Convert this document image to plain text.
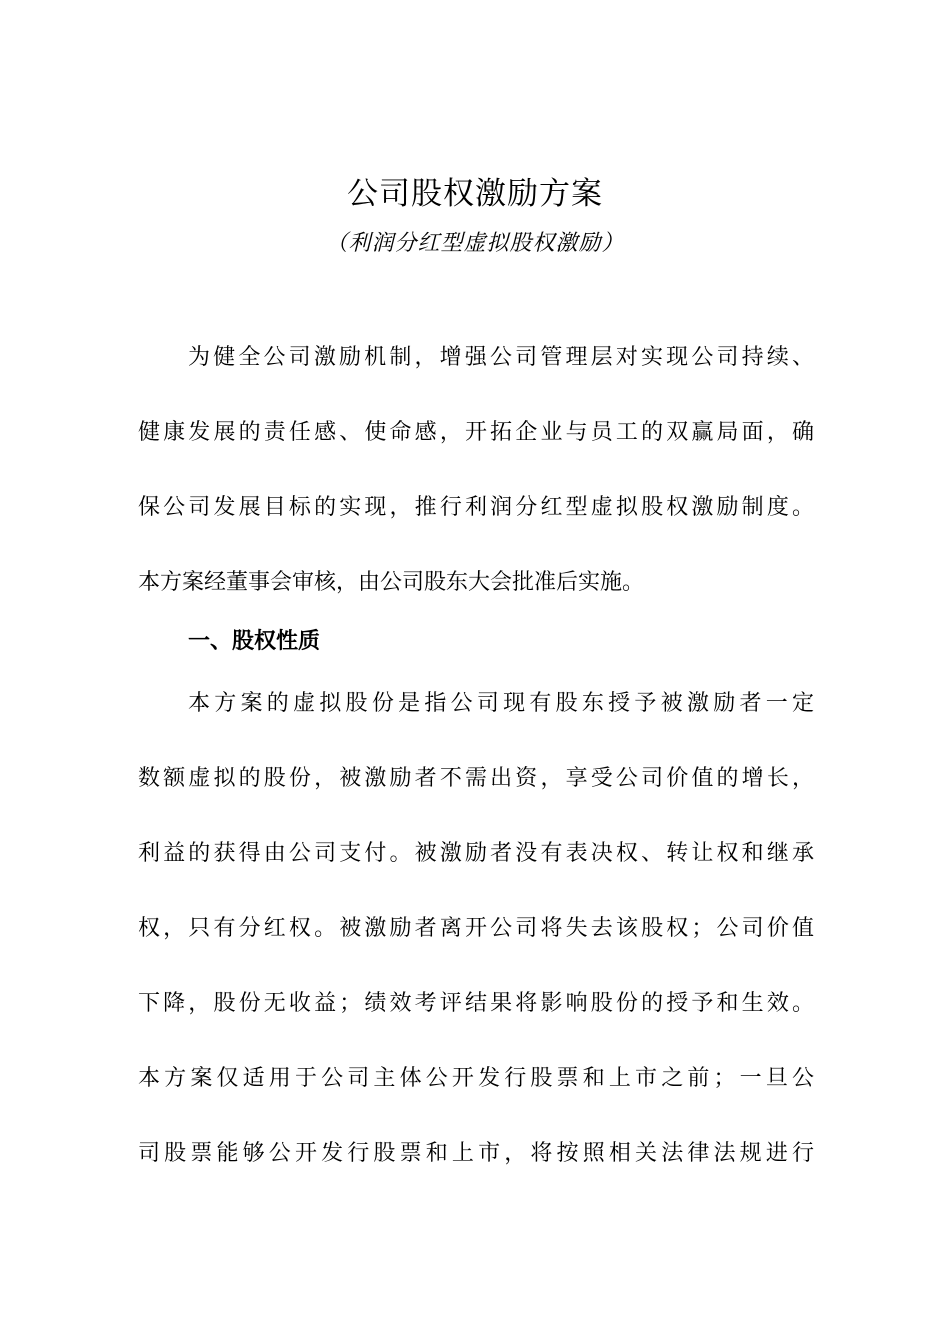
公司股权激励方案
（利润分红型虚拟股权激励）

为健全公司激励机制，增强公司管理层对实现公司持续、

健康发展的责任感、使命感，开拓企业与员工的双赢局面，确

保公司发展目标的实现，推行利润分红型虚拟股权激励制度。

本方案经董事会审核，由公司股东大会批准后实施。

一、股权性质

本方案的虚拟股份是指公司现有股东授予被激励者一定

数额虚拟的股份，被激励者不需出资，享受公司价值的增长，

利益的获得由公司支付。被激励者没有表决权、转让权和继承

权，只有分红权。被激励者离开公司将失去该股权；公司价值

下降，股份无收益；绩效考评结果将影响股份的授予和生效。

本方案仅适用于公司主体公开发行股票和上市之前；一旦公

司股票能够公开发行股票和上市，将按照相关法律法规进行
